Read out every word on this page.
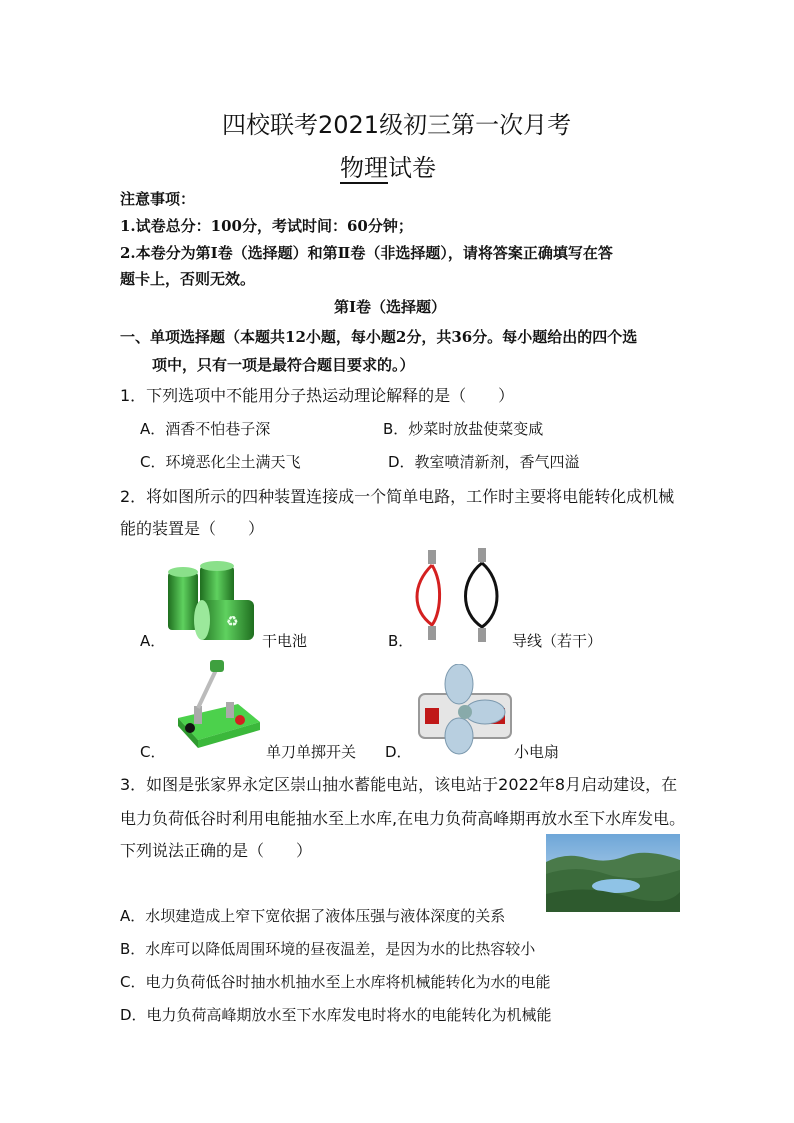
四校联考2021级初三第一次月考
物理试卷
注意事项：
1.试卷总分：100分，考试时间：60分钟；
2.本卷分为第Ⅰ卷（选择题）和第Ⅱ卷（非选择题），请将答案正确填写在答
题卡上，否则无效。
第Ⅰ卷（选择题）
一、单项选择题（本题共12小题，每小题2分，共36分。每小题给出的四个选
项中，只有一项是最符合题目要求的。）
1．下列选项中不能用分子热运动理论解释的是（　　）
A．酒香不怕巷子深	B．炒菜时放盐使菜变咸
C．环境恶化尘土满天飞	D．教室喷清新剂，香气四溢
2．将如图所示的四种装置连接成一个简单电路，工作时主要将电能转化成机械
能的装置是（　　）
A．
♻
干电池	B．	导线（若干）
C．	单刀单掷开关 D．	小电扇
3．如图是张家界永定区崇山抽水蓄能电站，该电站于2022年8月启动建设，在
电力负荷低谷时利用电能抽水至上水库,在电力负荷高峰期再放水至下水库发电。
下列说法正确的是（　　）
A．水坝建造成上窄下宽依据了液体压强与液体深度的关系
B．水库可以降低周围环境的昼夜温差，是因为水的比热容较小
C．电力负荷低谷时抽水机抽水至上水库将机械能转化为水的电能
D．电力负荷高峰期放水至下水库发电时将水的电能转化为机械能
